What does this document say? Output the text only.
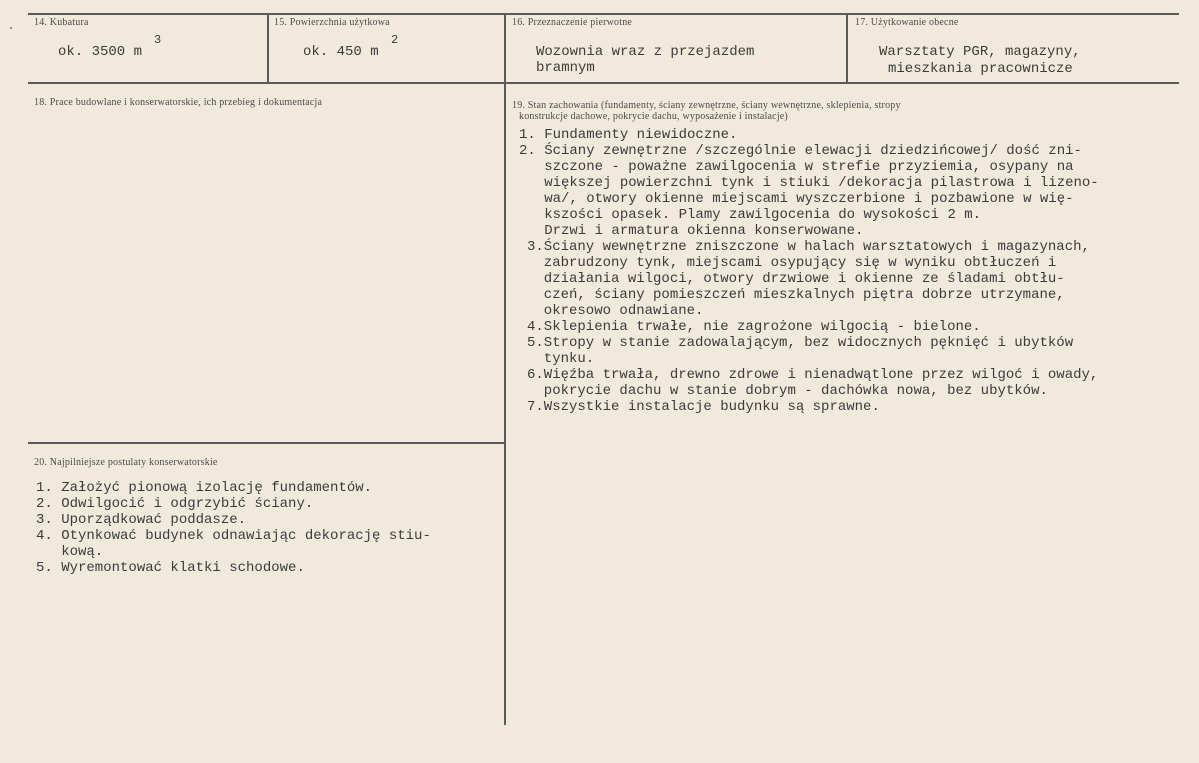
14. Kubatura
ok. 3500 m
3
15. Powierzchnia użytkowa
ok. 450 m
2
16. Przeznaczenie pierwotne
Wozownia wraz z przejazdem
bramnym
17. Użytkowanie obecne
Warsztaty PGR, magazyny,
mieszkania pracownicze
18. Prace budowlane i konserwatorskie, ich przebieg i dokumentacja	19. Stan zachowania (fundamenty, ściany zewnętrzne, ściany wewnętrzne, sklepienia, stropy
konstrukcje dachowe, pokrycie dachu, wyposażenie i instalacje)
1. Fundamenty niewidoczne.
2. Ściany zewnętrzne /szczególnie elewacji dziedzińcowej/ dość zni-
szczone - poważne zawilgocenia w strefie przyziemia, osypany na
większej powierzchni tynk i stiuki /dekoracja pilastrowa i lizeno-
wa/, otwory okienne miejscami wyszczerbione i pozbawione w wię-
kszości opasek. Plamy zawilgocenia do wysokości 2 m.
Drzwi i armatura okienna konserwowane.
3.Ściany wewnętrzne zniszczone w halach warsztatowych i magazynach,
zabrudzony tynk, miejscami osypujący się w wyniku obtłuczeń i
działania wilgoci, otwory drzwiowe i okienne ze śladami obtłu-
czeń, ściany pomieszczeń mieszkalnych piętra dobrze utrzymane,
okresowo odnawiane.
4.Sklepienia trwałe, nie zagrożone wilgocią - bielone.
5.Stropy w stanie zadowalającym, bez widocznych pęknięć i ubytków
tynku.
6.Więźba trwała, drewno zdrowe i nienadwątlone przez wilgoć i owady,
pokrycie dachu w stanie dobrym - dachówka nowa, bez ubytków.
7.Wszystkie instalacje budynku są sprawne.
20. Najpilniejsze postulaty konserwatorskie
1. Założyć pionową izolację fundamentów.
2. Odwilgocić i odgrzybić ściany.
3. Uporządkować poddasze.
4. Otynkować budynek odnawiając dekorację stiu-
kową.
5. Wyremontować klatki schodowe.
